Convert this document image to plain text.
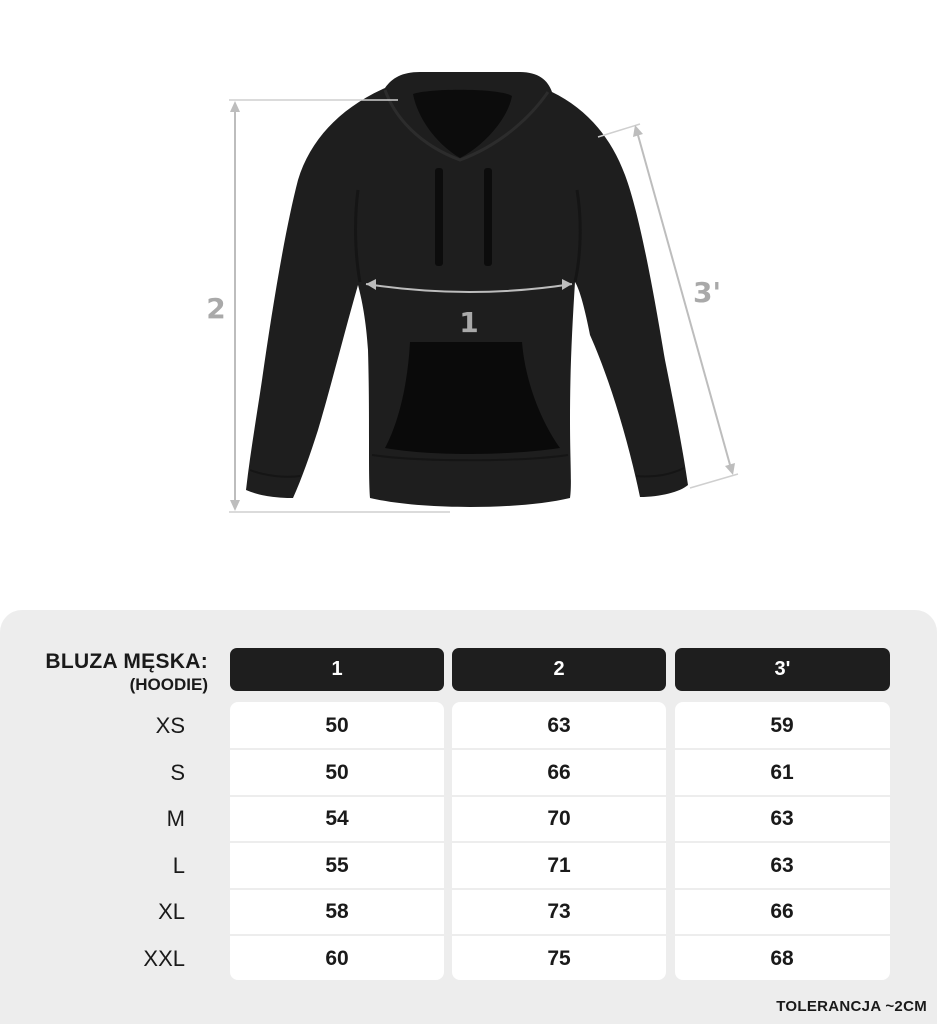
1
2	3'
BLUZA MĘSKA:
(HOODIE)
1	2	3'
XS	50	63	59
S	50	66	61
M	54	70	63
L	55	71	63
XL	58	73	66
XXL	60	75	68
TOLERANCJA ~2CM
